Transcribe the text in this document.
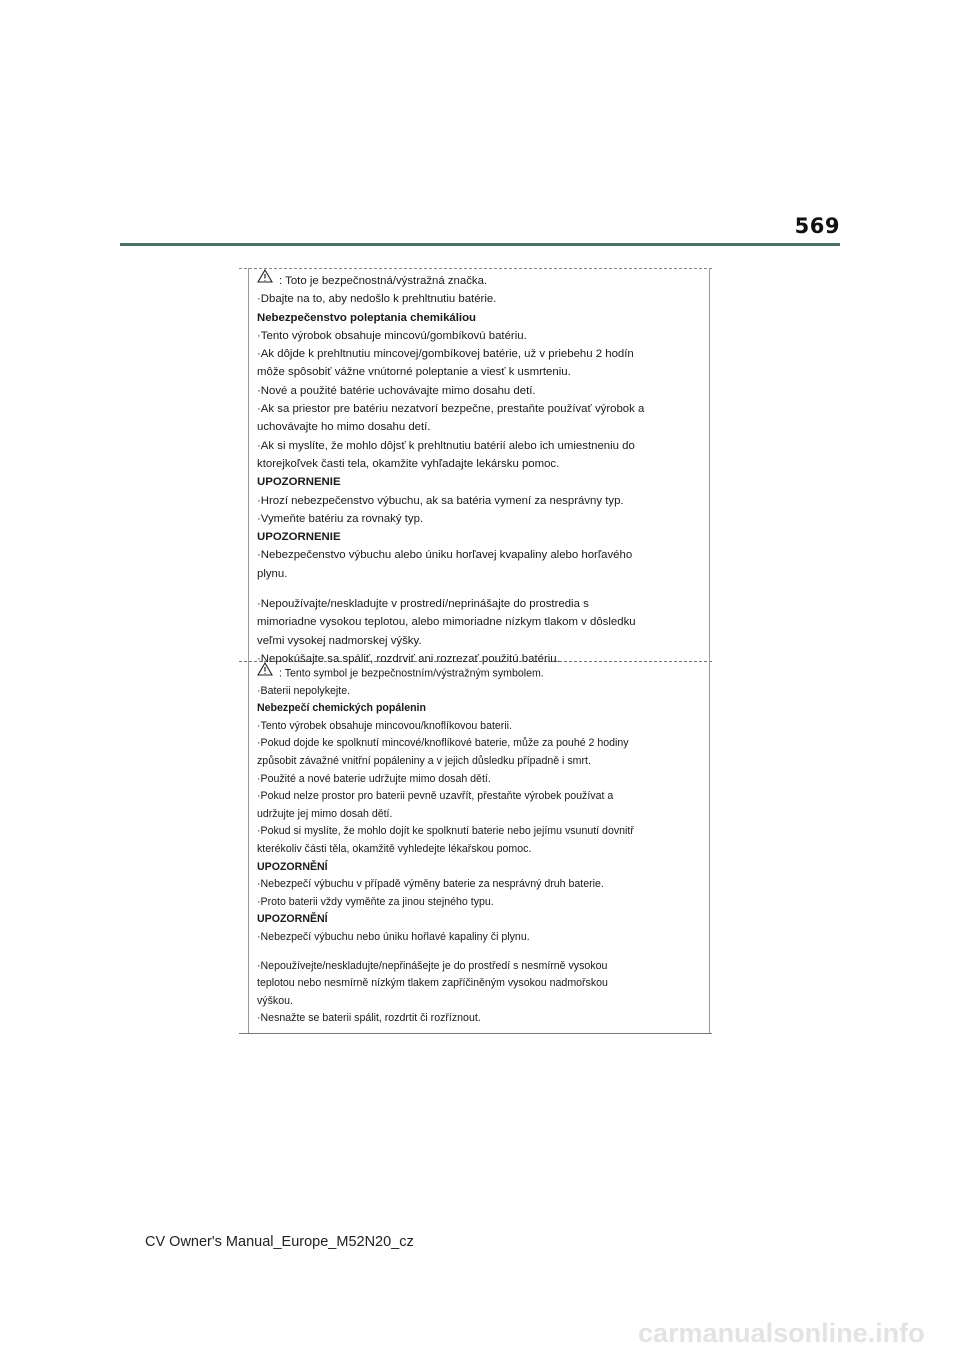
569
: Toto je bezpečnostná/výstražná značka.
·Dbajte na to, aby nedošlo k prehltnutiu batérie.
Nebezpečenstvo poleptania chemikáliou
·Tento výrobok obsahuje mincovú/gombíkovú batériu.
·Ak dôjde k prehltnutiu mincovej/gombíkovej batérie, už v priebehu 2 hodín
môže spôsobiť vážne vnútorné poleptanie a viesť k usmrteniu.
·Nové a použité batérie uchovávajte mimo dosahu detí.
·Ak sa priestor pre batériu nezatvorí bezpečne, prestaňte používať výrobok a
uchovávajte ho mimo dosahu detí.
·Ak si myslíte, že mohlo dôjsť k prehltnutiu batérií alebo ich umiestneniu do
ktorejkoľvek časti tela, okamžite vyhľadajte lekársku pomoc.
UPOZORNENIE
·Hrozí nebezpečenstvo výbuchu, ak sa batéria vymení za nesprávny typ.
·Vymeňte batériu za rovnaký typ.
UPOZORNENIE
·Nebezpečenstvo výbuchu alebo úniku horľavej kvapaliny alebo horľavého
plynu.
·Nepoužívajte/neskladujte v prostredí/neprinášajte do prostredia s
mimoriadne vysokou teplotou, alebo mimoriadne nízkym tlakom v dôsledku
veľmi vysokej nadmorskej výšky.
·Nepokúšajte sa spáliť, rozdrviť ani rozrezať použitú batériu.
: Tento symbol je bezpečnostním/výstražným symbolem.
·Baterii nepolykejte.
Nebezpečí chemických popálenin
·Tento výrobek obsahuje mincovou/knoflíkovou baterii.
·Pokud dojde ke spolknutí mincové/knoflíkové baterie, může za pouhé 2 hodiny
způsobit závažné vnitřní popáleniny a v jejich důsledku případně i smrt.
·Použité a nové baterie udržujte mimo dosah dětí.
·Pokud nelze prostor pro baterii pevně uzavřít, přestaňte výrobek používat a
udržujte jej mimo dosah dětí.
·Pokud si myslíte, že mohlo dojít ke spolknutí baterie nebo jejímu vsunutí dovnitř
kterékoliv části těla, okamžitě vyhledejte lékařskou pomoc.
UPOZORNĚNÍ
·Nebezpečí výbuchu v případě výměny baterie za nesprávný druh baterie.
·Proto baterii vždy vyměňte za jinou stejného typu.
UPOZORNĚNÍ
·Nebezpečí výbuchu nebo úniku hořlavé kapaliny či plynu.
·Nepoužívejte/neskladujte/nepřinášejte je do prostředí s nesmírně vysokou
teplotou nebo nesmírně nízkým tlakem zapříčiněným vysokou nadmořskou
výškou.
·Nesnažte se baterii spálit, rozdrtit či rozříznout.
CV Owner's Manual_Europe_M52N20_cz
carmanualsonline.info
